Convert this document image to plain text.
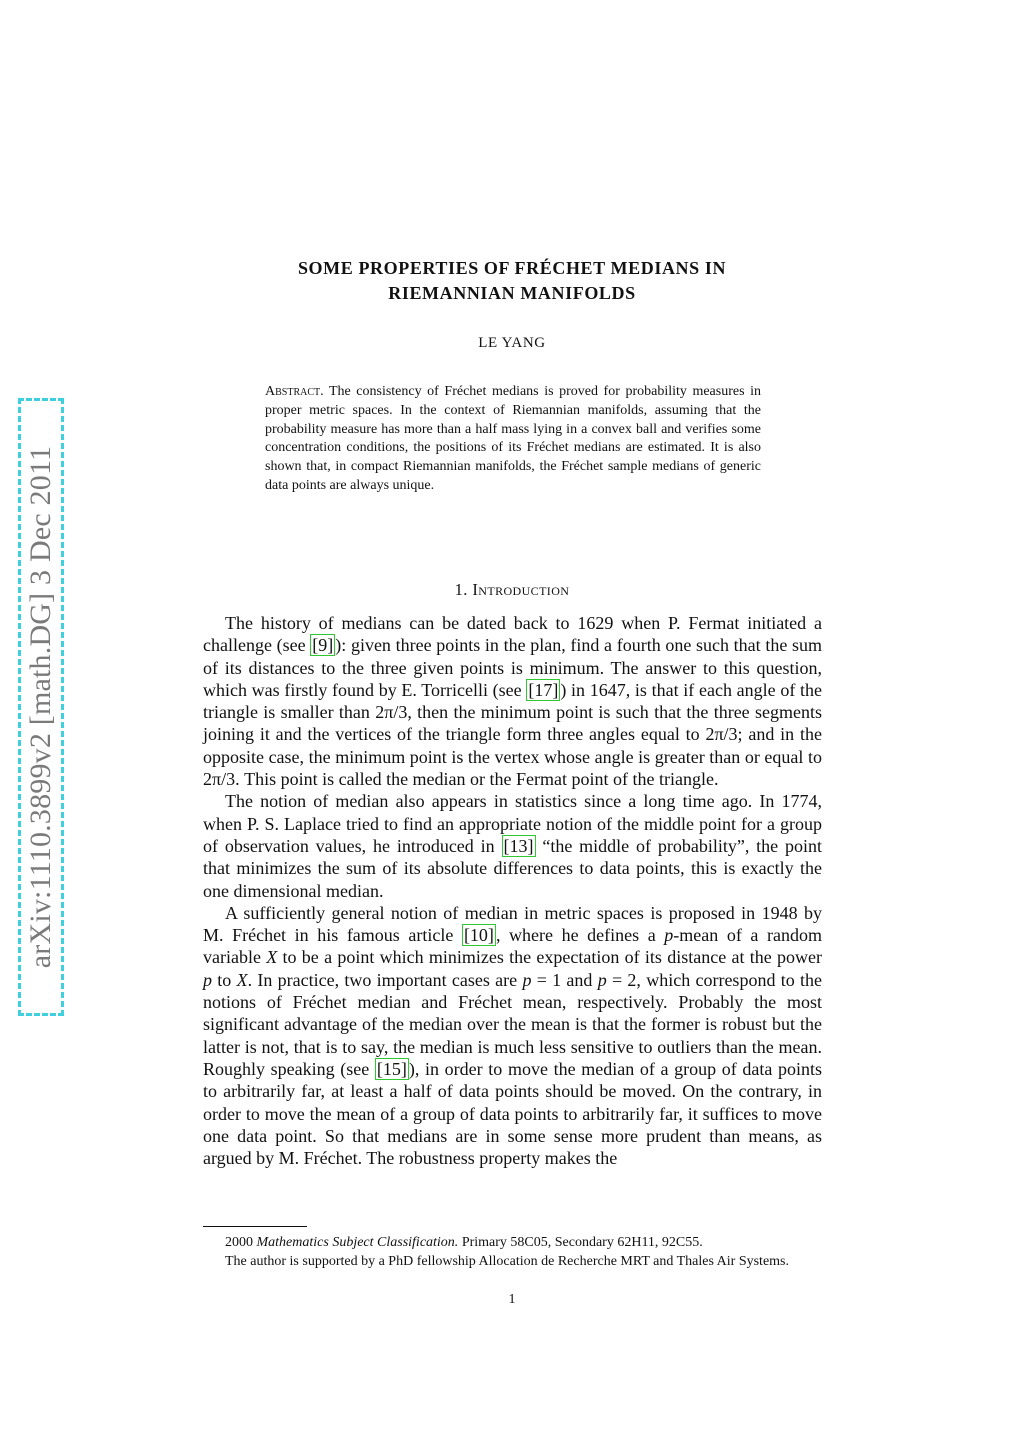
arXiv:1110.3899v2 [math.DG] 3 Dec 2011
SOME PROPERTIES OF FRÉCHET MEDIANS IN
RIEMANNIAN MANIFOLDS
LE YANG
Abstract. The consistency of Fréchet medians is proved for probability measures in proper metric spaces. In the context of Riemannian manifolds, assuming that the probability measure has more than a half mass lying in a convex ball and verifies some concentration conditions, the positions of its Fréchet medians are estimated. It is also shown that, in compact Riemannian manifolds, the Fréchet sample medians of generic data points are always unique.
1. Introduction

The history of medians can be dated back to 1629 when P. Fermat initiated a challenge (see [9] ): given three points in the plan, find a fourth one such that the sum of its distances to the three given points is minimum. The answer to this question, which was firstly found by E. Torricelli (see [17] ) in 1647, is that if each angle of the triangle is smaller than 2π/3, then the minimum point is such that the three segments joining it and the vertices of the triangle form three angles equal to 2π/3; and in the opposite case, the minimum point is the vertex whose angle is greater than or equal to 2π/3. This point is called the median or the Fermat point of the triangle.

The notion of median also appears in statistics since a long time ago. In 1774, when P. S. Laplace tried to find an appropriate notion of the middle point for a group of observation values, he introduced in [13] “the middle of probability”, the point that minimizes the sum of its absolute differences to data points, this is exactly the one dimensional median.

A sufficiently general notion of median in metric spaces is proposed in 1948 by M. Fréchet in his famous article [10] , where he defines a p-mean of a random variable X to be a point which minimizes the expectation of its distance at the power p to X. In practice, two important cases are p = 1 and p = 2, which correspond to the notions of Fréchet median and Fréchet mean, respectively. Probably the most significant advantage of the median over the mean is that the former is robust but the latter is not, that is to say, the median is much less sensitive to outliers than the mean. Roughly speaking (see [15] ), in order to move the median of a group of data points to arbitrarily far, at least a half of data points should be moved. On the contrary, in order to move the mean of a group of data points to arbitrarily far, it suffices to move one data point. So that medians are in some sense more prudent than means, as argued by M. Fréchet. The robustness property makes the

2000 Mathematics Subject Classification. Primary 58C05, Secondary 62H11, 92C55.

The author is supported by a PhD fellowship Allocation de Recherche MRT and Thales Air Systems.

1
